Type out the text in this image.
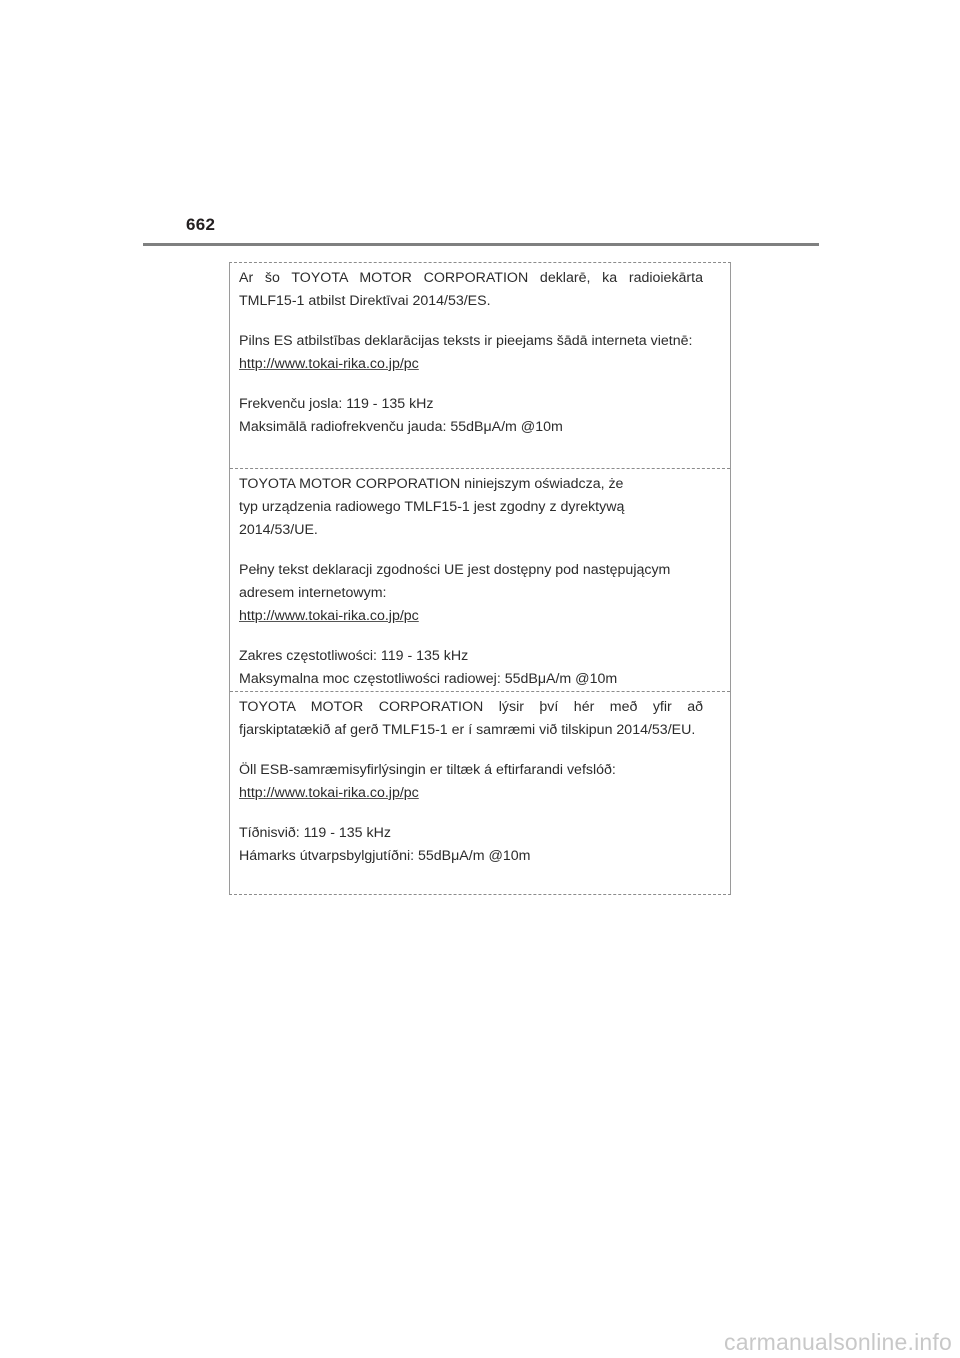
662

Ar šo TOYOTA MOTOR CORPORATION deklarē, ka radioiekārta TMLF15-1 atbilst Direktīvai 2014/53/ES.

Pilns ES atbilstības deklarācijas teksts ir pieejams šādā interneta vietnē:
http://www.tokai-rika.co.jp/pc

Frekvenču josla: 119 - 135 kHz
Maksimālā radiofrekvenču jauda: 55dBμA/m @10m

TOYOTA MOTOR CORPORATION niniejszym oświadcza, że typ urządzenia radiowego TMLF15-1 jest zgodny z dyrektywą 2014/53/UE.

Pełny tekst deklaracji zgodności UE jest dostępny pod następującym adresem internetowym:
http://www.tokai-rika.co.jp/pc

Zakres częstotliwości: 119 - 135 kHz
Maksymalna moc częstotliwości radiowej: 55dBμA/m @10m

TOYOTA MOTOR CORPORATION lýsir því hér með yfir að fjarskiptatækið af gerð TMLF15-1 er í samræmi við tilskipun 2014/53/EU.

Öll ESB-samræmisyfirlýsingin er tiltæk á eftirfarandi vefslóð:
http://www.tokai-rika.co.jp/pc

Tíðnisvið: 119 - 135 kHz
Hámarks útvarpsbylgjutíðni: 55dBμA/m @10m

carmanualsonline.info
